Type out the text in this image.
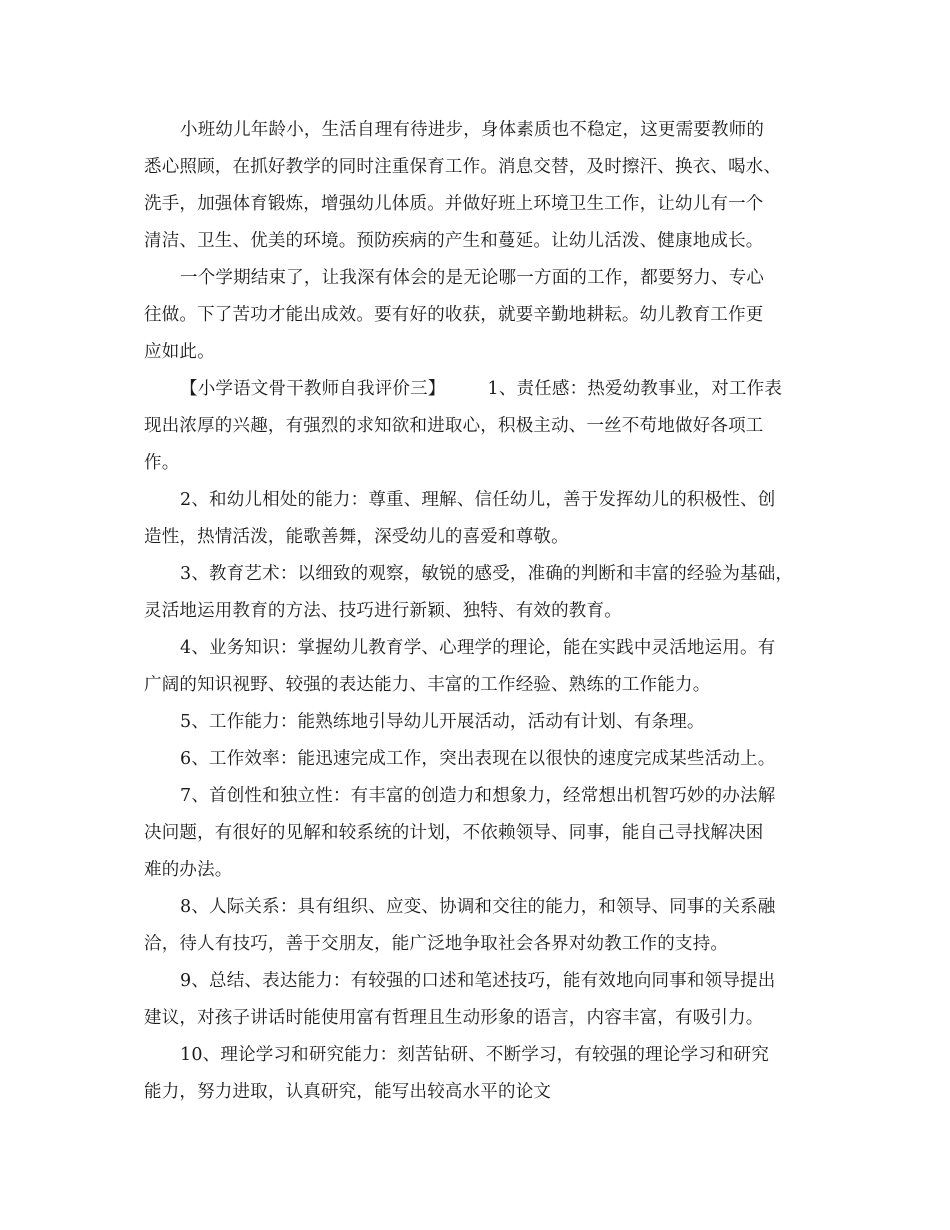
小班幼儿年龄小，生活自理有待进步，身体素质也不稳定，这更需要教师的
悉心照顾，在抓好教学的同时注重保育工作。消息交替，及时擦汗、换衣、喝水、
洗手，加强体育锻炼，增强幼儿体质。并做好班上环境卫生工作，让幼儿有一个
清洁、卫生、优美的环境。预防疾病的产生和蔓延。让幼儿活泼、健康地成长。
一个学期结束了，让我深有体会的是无论哪一方面的工作，都要努力、专心
往做。下了苦功才能出成效。要有好的收获，就要辛勤地耕耘。幼儿教育工作更
应如此。
【小学语文骨干教师自我评价三】 1、责任感：热爱幼教事业，对工作表
现出浓厚的兴趣，有强烈的求知欲和进取心，积极主动、一丝不苟地做好各项工
作。
2、和幼儿相处的能力：尊重、理解、信任幼儿，善于发挥幼儿的积极性、创
造性，热情活泼，能歌善舞，深受幼儿的喜爱和尊敬。
3、教育艺术：以细致的观察，敏锐的感受，准确的判断和丰富的经验为基础，
灵活地运用教育的方法、技巧进行新颖、独特、有效的教育。
4、业务知识：掌握幼儿教育学、心理学的理论，能在实践中灵活地运用。有
广阔的知识视野、较强的表达能力、丰富的工作经验、熟练的工作能力。
5、工作能力：能熟练地引导幼儿开展活动，活动有计划、有条理。
6、工作效率：能迅速完成工作，突出表现在以很快的速度完成某些活动上。
7、首创性和独立性：有丰富的创造力和想象力，经常想出机智巧妙的办法解
决问题，有很好的见解和较系统的计划，不依赖领导、同事，能自己寻找解决困
难的办法。
8、人际关系：具有组织、应变、协调和交往的能力，和领导、同事的关系融
洽，待人有技巧，善于交朋友，能广泛地争取社会各界对幼教工作的支持。
9、总结、表达能力：有较强的口述和笔述技巧，能有效地向同事和领导提出
建议，对孩子讲话时能使用富有哲理且生动形象的语言，内容丰富，有吸引力。
10、理论学习和研究能力：刻苦钻研、不断学习，有较强的理论学习和研究
能力，努力进取，认真研究，能写出较高水平的论文
